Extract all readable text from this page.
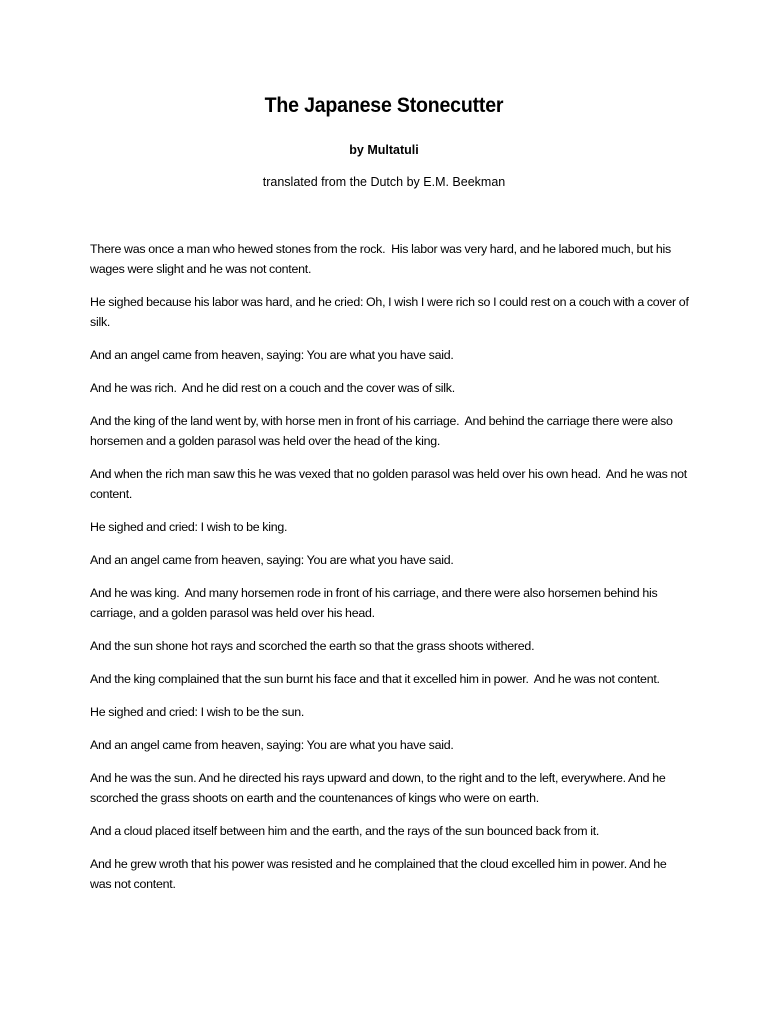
The Japanese Stonecutter
by Multatuli
translated from the Dutch by E.M. Beekman

There was once a man who hewed stones from the rock.  His labor was very hard, and he labored much, but his wages were slight and he was not content.

He sighed because his labor was hard, and he cried: Oh, I wish I were rich so I could rest on a couch with a cover of silk.

And an angel came from heaven, saying: You are what you have said.

And he was rich.  And he did rest on a couch and the cover was of silk.

And the king of the land went by, with horse men in front of his carriage.  And behind the carriage there were also horsemen and a golden parasol was held over the head of the king.

And when the rich man saw this he was vexed that no golden parasol was held over his own head.  And he was not content.

He sighed and cried: I wish to be king.

And an angel came from heaven, saying: You are what you have said.

And he was king.  And many horsemen rode in front of his carriage, and there were also horsemen behind his carriage, and a golden parasol was held over his head.

And the sun shone hot rays and scorched the earth so that the grass shoots withered.

And the king complained that the sun burnt his face and that it excelled him in power.  And he was not content.

He sighed and cried: I wish to be the sun.

And an angel came from heaven, saying: You are what you have said.

And he was the sun. And he directed his rays upward and down, to the right and to the left, everywhere. And he scorched the grass shoots on earth and the countenances of kings who were on earth.

And a cloud placed itself between him and the earth, and the rays of the sun bounced back from it.

And he grew wroth that his power was resisted and he complained that the cloud excelled him in power. And he was not content.
